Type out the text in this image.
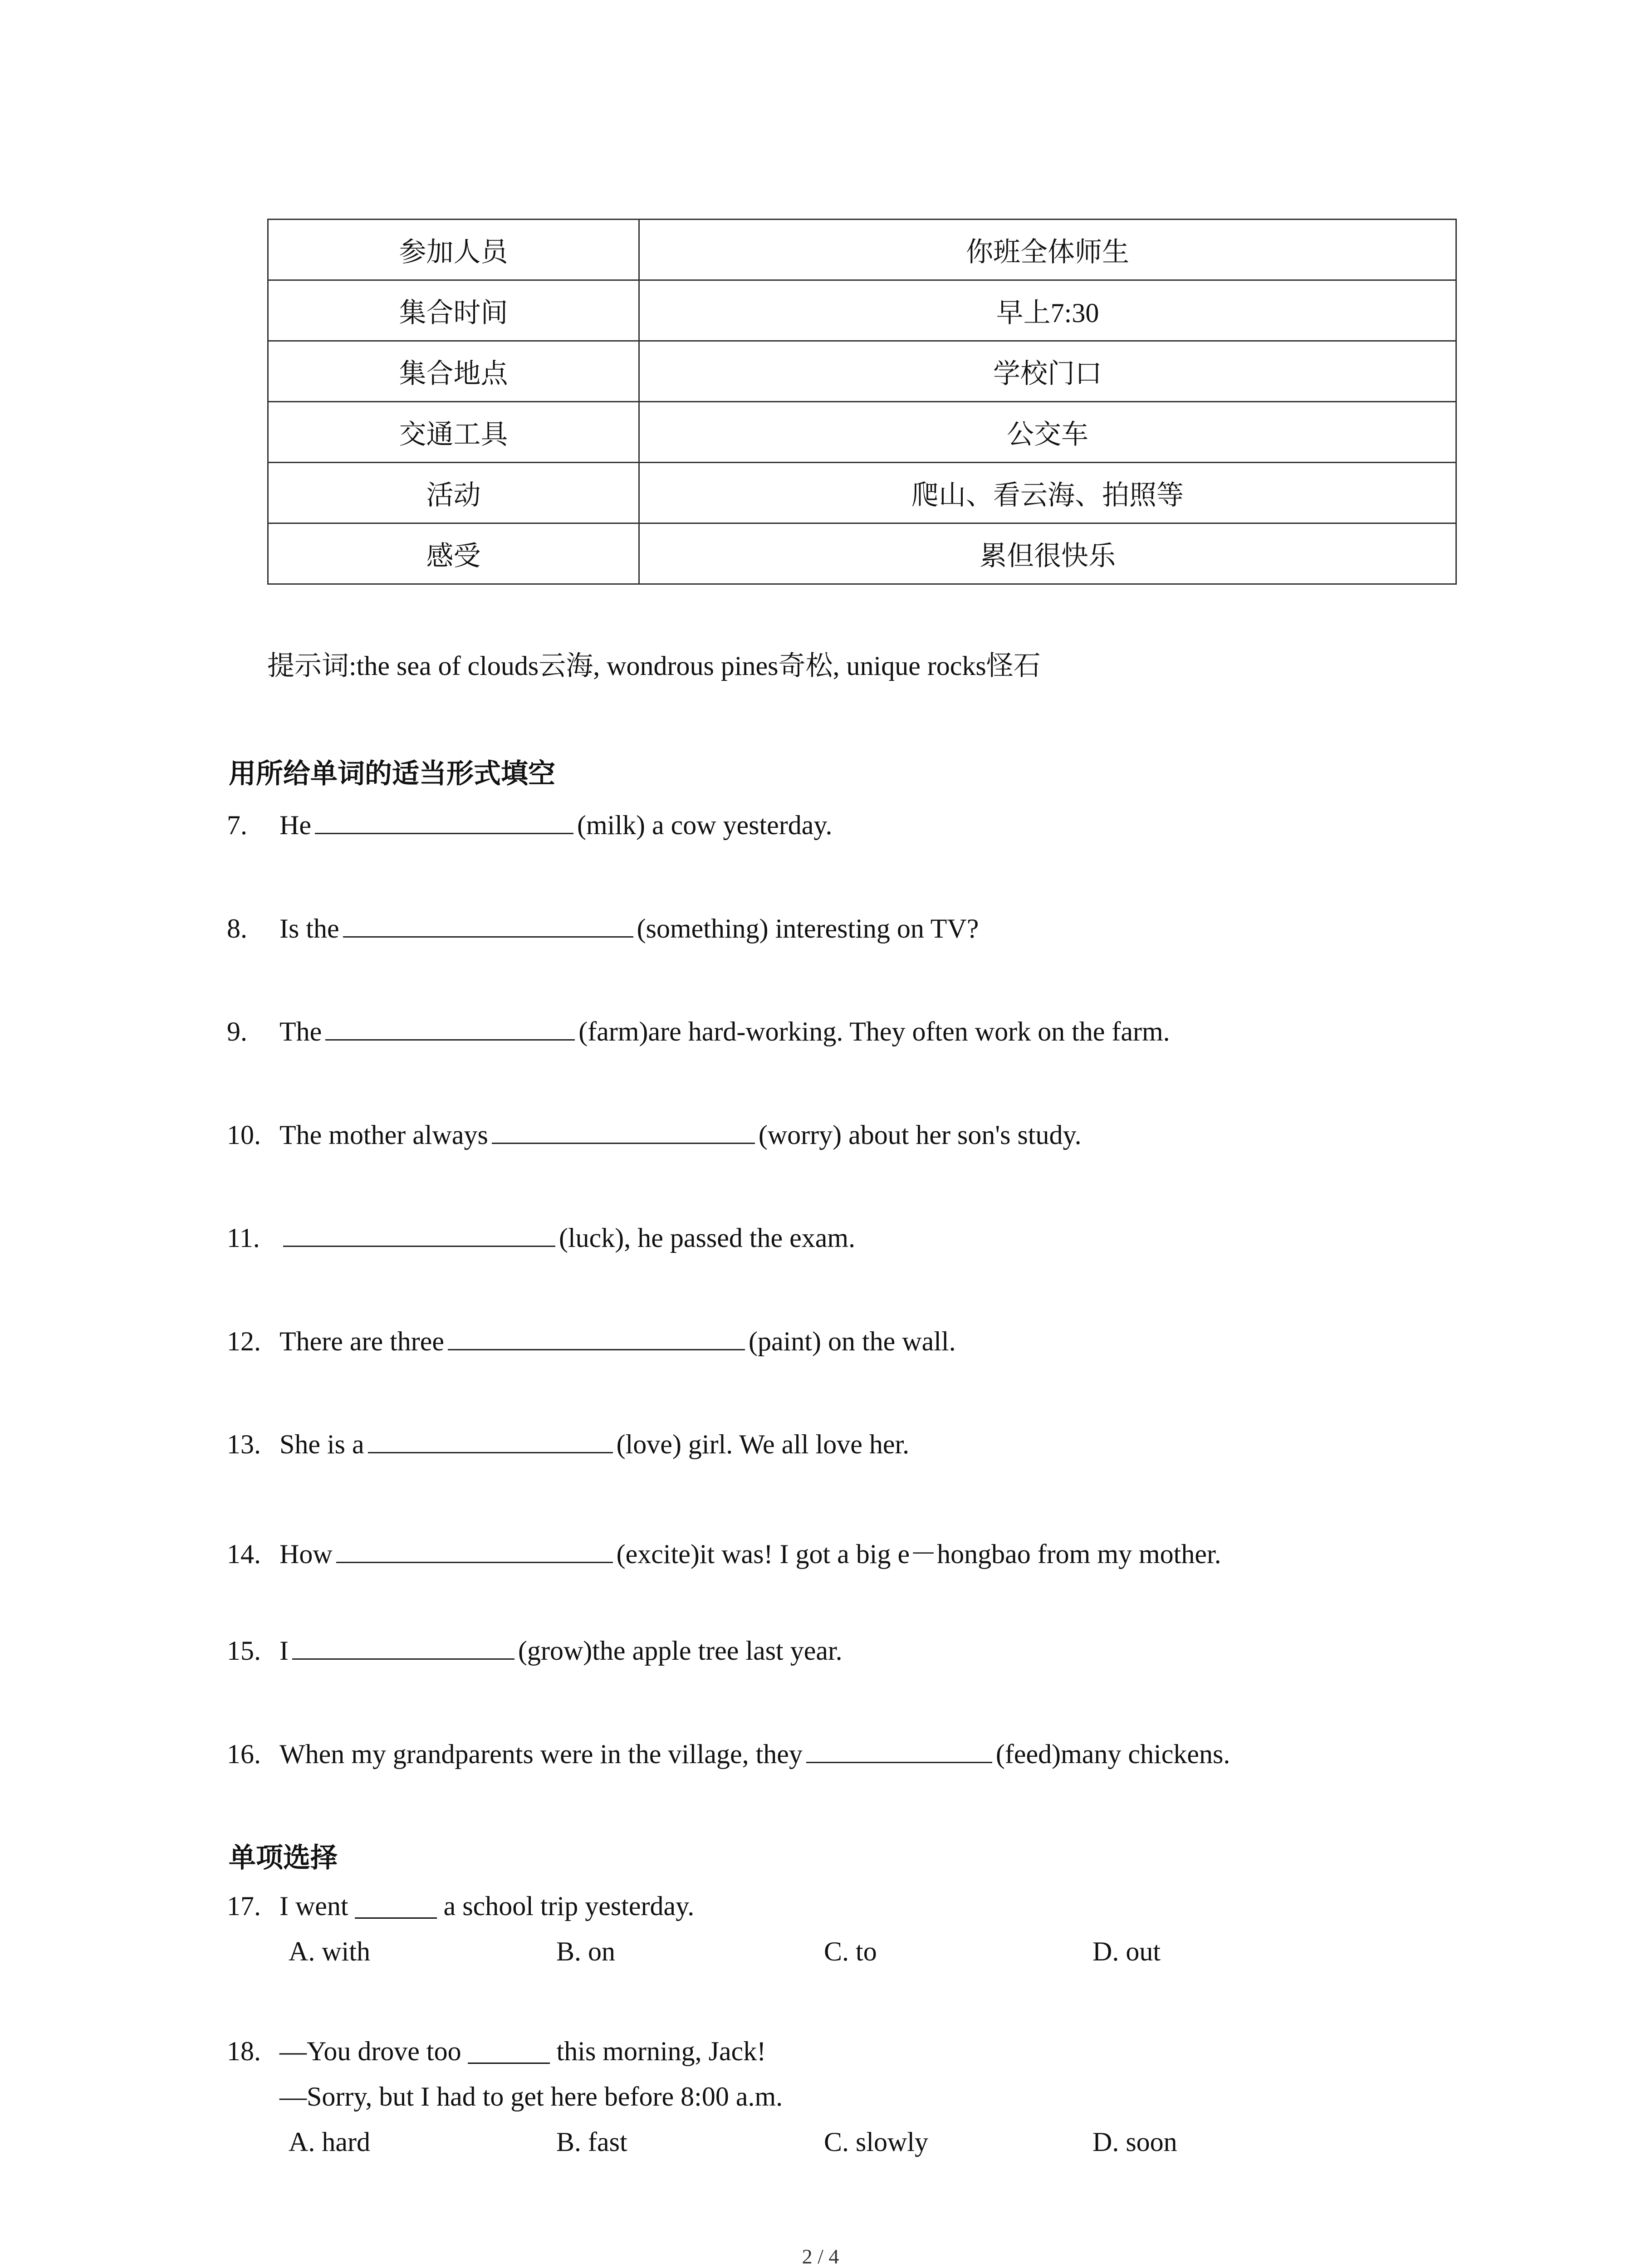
参加人员	你班全体师生
集合时间	早上7:30
集合地点	学校门口
交通工具	公交车
活动	爬山、看云海、拍照等
感受	累但很快乐
提示词:the sea of clouds云海, wondrous pines奇松, unique rocks怪石
用所给单词的适当形式填空
7. He	(milk) a cow yesterday.
8. Is the	(something) interesting on TV?
9. The	(farm)are hard-working. They often work on the farm.
10. The mother always	(worry) about her son's study.
11.	(luck), he passed the exam.
12. There are three	(paint) on the wall.
13. She is a	(love) girl. We all love her.
14. How	(excite)it was! I got a big e－hongbao from my mother.
15. I	(grow)the apple tree last year.
16. When my grandparents were in the village, they	(feed)many chickens.
单项选择
17. I went ______ a school trip yesterday.
A. with	B. on	C. to	D. out
18. —You drove too ______ this morning, Jack!
—Sorry, but I had to get here before 8:00 a.m.
A. hard	B. fast	C. slowly	D. soon
2 / 4
